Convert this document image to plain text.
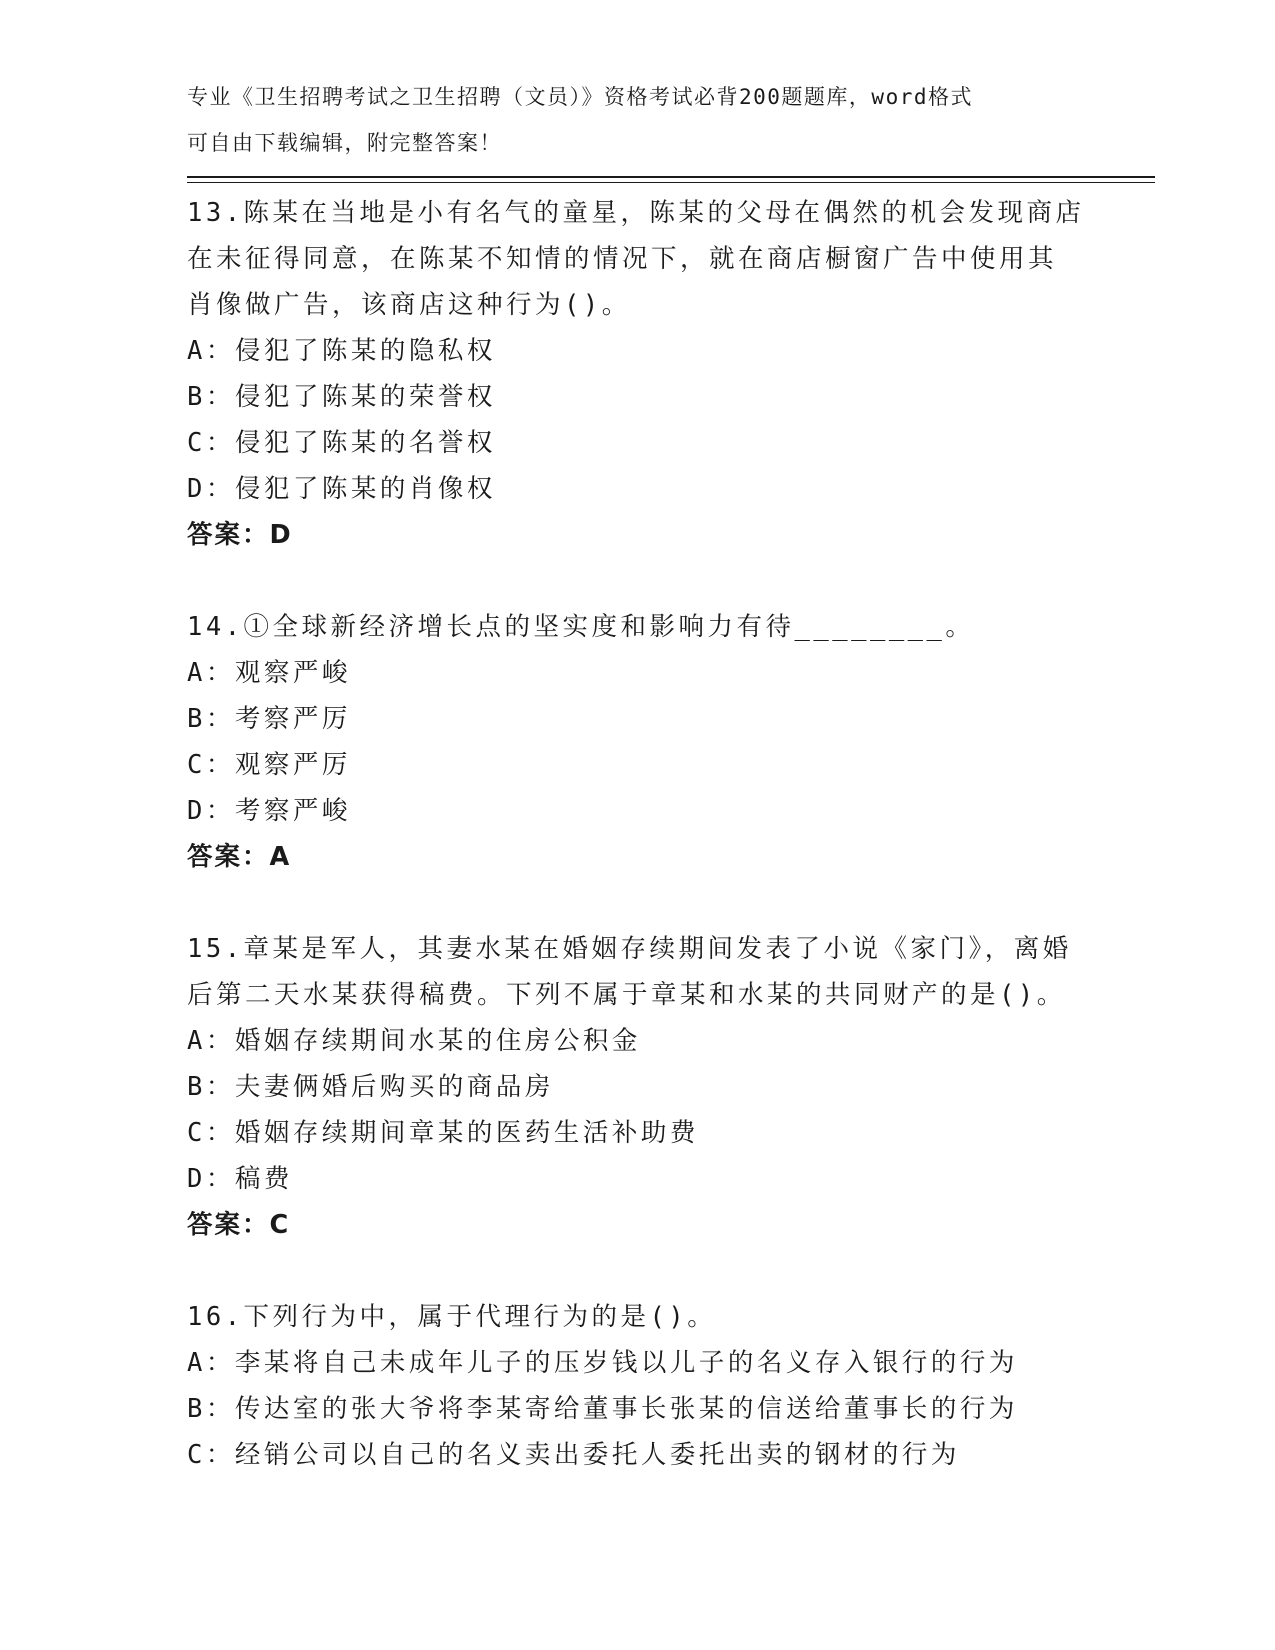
专业《卫生招聘考试之卫生招聘（文员）》资格考试必背200题题库，word格式
可自由下载编辑，附完整答案！
13.陈某在当地是小有名气的童星，陈某的父母在偶然的机会发现商店
在未征得同意，在陈某不知情的情况下，就在商店橱窗广告中使用其
肖像做广告，该商店这种行为()。
A：侵犯了陈某的隐私权
B：侵犯了陈某的荣誉权
C：侵犯了陈某的名誉权
D：侵犯了陈某的肖像权
答案：D
14.①全球新经济增长点的坚实度和影响力有待________。
A：观察严峻
B：考察严厉
C：观察严厉
D：考察严峻
答案：A
15.章某是军人，其妻水某在婚姻存续期间发表了小说《家门》，离婚
后第二天水某获得稿费。下列不属于章某和水某的共同财产的是()。
A：婚姻存续期间水某的住房公积金
B：夫妻俩婚后购买的商品房
C：婚姻存续期间章某的医药生活补助费
D：稿费
答案：C
16.下列行为中，属于代理行为的是()。
A：李某将自己未成年儿子的压岁钱以儿子的名义存入银行的行为
B：传达室的张大爷将李某寄给董事长张某的信送给董事长的行为
C：经销公司以自己的名义卖出委托人委托出卖的钢材的行为
